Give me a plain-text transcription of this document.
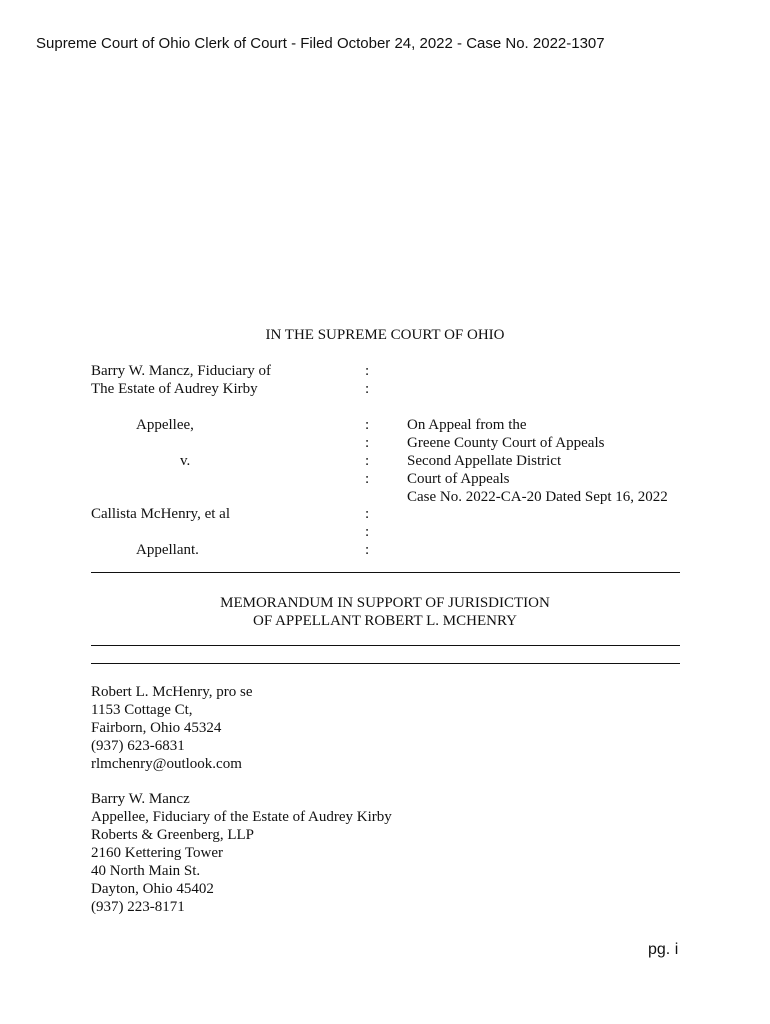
Supreme Court of Ohio Clerk of Court - Filed October 24, 2022 - Case No. 2022-1307
IN THE SUPREME COURT OF OHIO
Barry W. Mancz, Fiduciary of
The Estate of Audrey Kirby
Appellee,
v.
Callista McHenry, et al
Appellant.
:
:
:
:
:
:
:
:
:
On Appeal from the
Greene County Court of Appeals
Second Appellate District
Court of Appeals
Case No. 2022-CA-20 Dated Sept 16, 2022
MEMORANDUM IN SUPPORT OF JURISDICTION
OF APPELLANT ROBERT L. MCHENRY
Robert L. McHenry, pro se
1153 Cottage Ct,
Fairborn, Ohio 45324
(937) 623-6831
rlmchenry@outlook.com
Barry W. Mancz
Appellee, Fiduciary of the Estate of Audrey Kirby
Roberts & Greenberg, LLP
2160 Kettering Tower
40 North Main St.
Dayton, Ohio 45402
(937) 223-8171
pg. i
